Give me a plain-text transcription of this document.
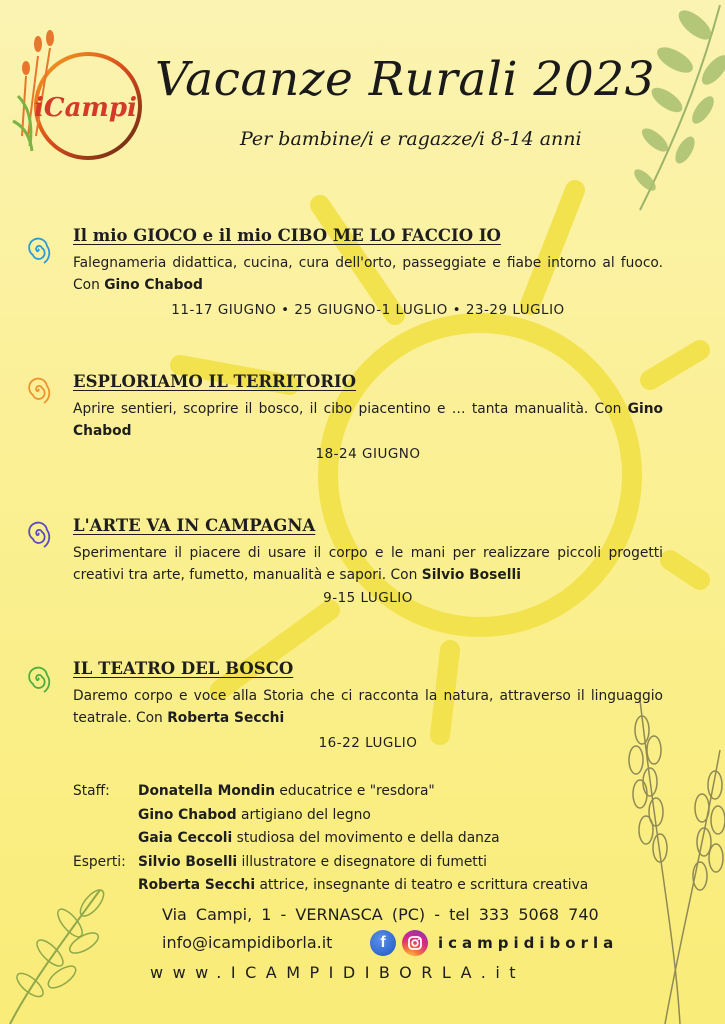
iCampi
Vacanze Rurali 2023
Per bambine/i e ragazze/i 8-14 anni
Il mio GIOCO e il mio CIBO ME LO FACCIO IO
Falegnameria didattica, cucina, cura dell'orto, passeggiate e fiabe intorno al fuoco. Con Gino Chabod
11-17 GIUGNO • 25 GIUGNO-1 LUGLIO • 23-29 LUGLIO
ESPLORIAMO IL TERRITORIO
Aprire sentieri, scoprire il bosco, il cibo piacentino e … tanta manualità. Con Gino Chabod
18-24 GIUGNO
L'ARTE VA IN CAMPAGNA
Sperimentare il piacere di usare il corpo e le mani per realizzare piccoli progetti creativi tra arte, fumetto, manualità e sapori. Con Silvio Boselli
9-15 LUGLIO
IL TEATRO DEL BOSCO
Daremo corpo e voce alla Storia che ci racconta la natura, attraverso il linguaggio teatrale. Con Roberta Secchi
16-22 LUGLIO
Staff: Donatella Mondin educatrice e "resdora"
Gino Chabod artigiano del legno
Gaia Ceccoli studiosa del movimento e della danza
Esperti: Silvio Boselli illustratore e disegnatore di fumetti
Roberta Secchi attrice, insegnante di teatro e scrittura creativa
Via Campi, 1 - VERNASCA (PC) - tel 333 5068 740
info@icampidiborla.it	f	icampidiborla
www.ICAMPIDIBORLA.it
